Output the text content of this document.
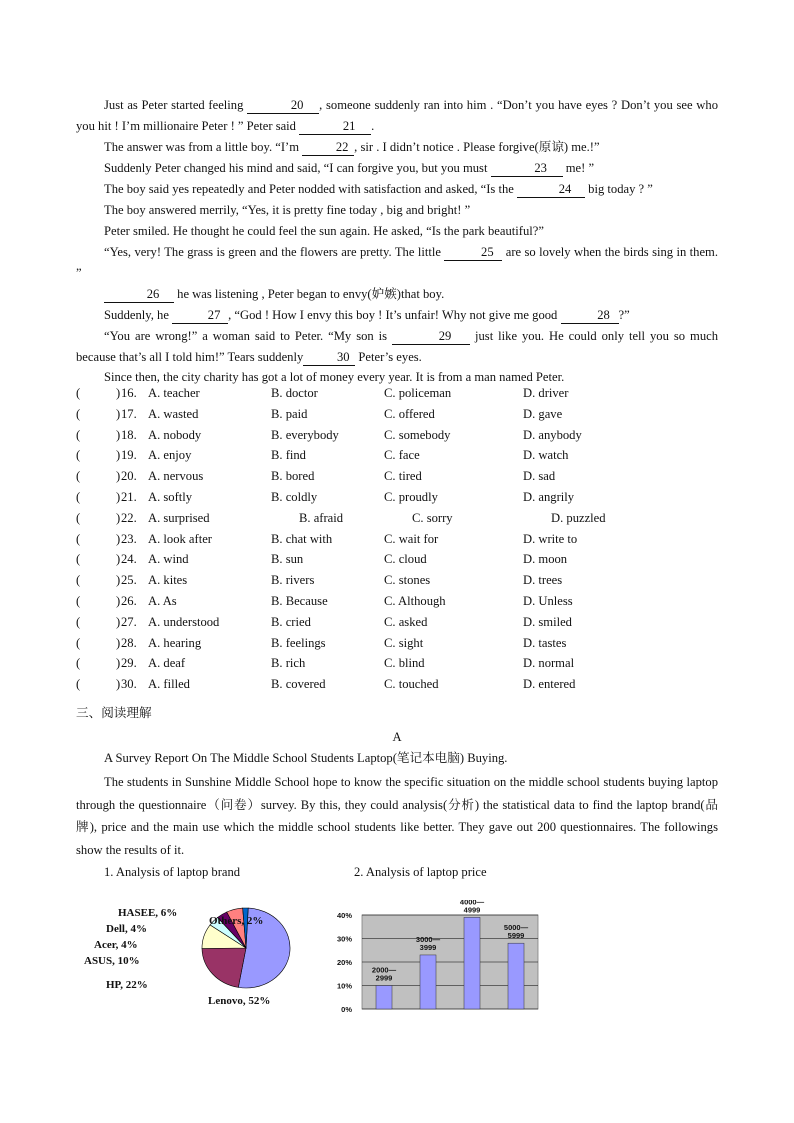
Just as Peter started feeling	20 , someone suddenly ran into him . “Don’t you have eyes ? Don’t you see who you hit ! I’m millionaire Peter ! ” Peter said	21 .
The answer was from a little boy. “I’m	22 , sir . I didn’t notice . Please forgive(原谅) me.!”
Suddenly Peter changed his mind and said, “I can forgive you, but you must	23 me! ”
The boy said yes repeatedly and Peter nodded with satisfaction and asked, “Is the	24 big today ? ”
The boy answered merrily, “Yes, it is pretty fine today , big and bright! ”
Peter smiled. He thought he could feel the sun again. He asked, “Is the park beautiful?”
“Yes, very! The grass is green and the flowers are pretty. The little	25 are so lovely when the birds sing in them. ”
26 he was listening , Peter began to envy(妒嫉)that boy.
Suddenly, he	27 , “God ! How I envy this boy ! It’s unfair! Why not give me good	28 ?”
“You are wrong!” a woman said to Peter. “My son is	29 just like you. He could only tell you so much because that’s all I told him!” Tears suddenly	30 Peter’s eyes.
Since then, the city charity has got a lot of money every year. It is from a man named Peter.
(	) 16. A. teacher	B. doctor	C. policeman	D. driver
(	) 17. A. wasted	B. paid	C. offered	D. gave
(	) 18. A. nobody	B. everybody	C. somebody	D. anybody
(	) 19. A. enjoy	B. find	C. face	D. watch
(	) 20. A. nervous	B. bored	C. tired	D. sad
(	) 21. A. softly	B. coldly	C. proudly	D. angrily
(	) 22. A. surprised	B. afraid	C. sorry	D. puzzled
(	) 23. A. look after	B. chat with	C. wait for	D. write to
(	) 24. A. wind	B. sun	C. cloud	D. moon
(	) 25. A. kites	B. rivers	C. stones	D. trees
(	) 26. A. As	B. Because	C. Although	D. Unless
(	) 27. A. understood	B. cried	C. asked	D. smiled
(	) 28. A. hearing	B. feelings	C. sight	D. tastes
(	) 29. A. deaf	B. rich	C. blind	D. normal
(	) 30. A. filled	B. covered	C. touched	D. entered
三、阅读理解
A
A Survey Report On The Middle School Students Laptop(笔记本电脑) Buying.
The students in Sunshine Middle School hope to know the specific situation on the middle school students buying laptop through the questionnaire（问卷）survey. By this, they could analysis(分析) the statistical data to find the laptop brand(品牌), price and the main use which the middle school students like better. They gave out 200 questionnaires. The followings show the results of it.
1. Analysis of laptop brand	2. Analysis of laptop price
Lenovo, 52%
HP, 22%
ASUS, 10%
Acer, 4%
Dell, 4%
HASEE, 6%
Others, 2%
0%
10%
20%
30%
40%
2000—
2999
3000—
3999
4000—
4999
5000—
5999
